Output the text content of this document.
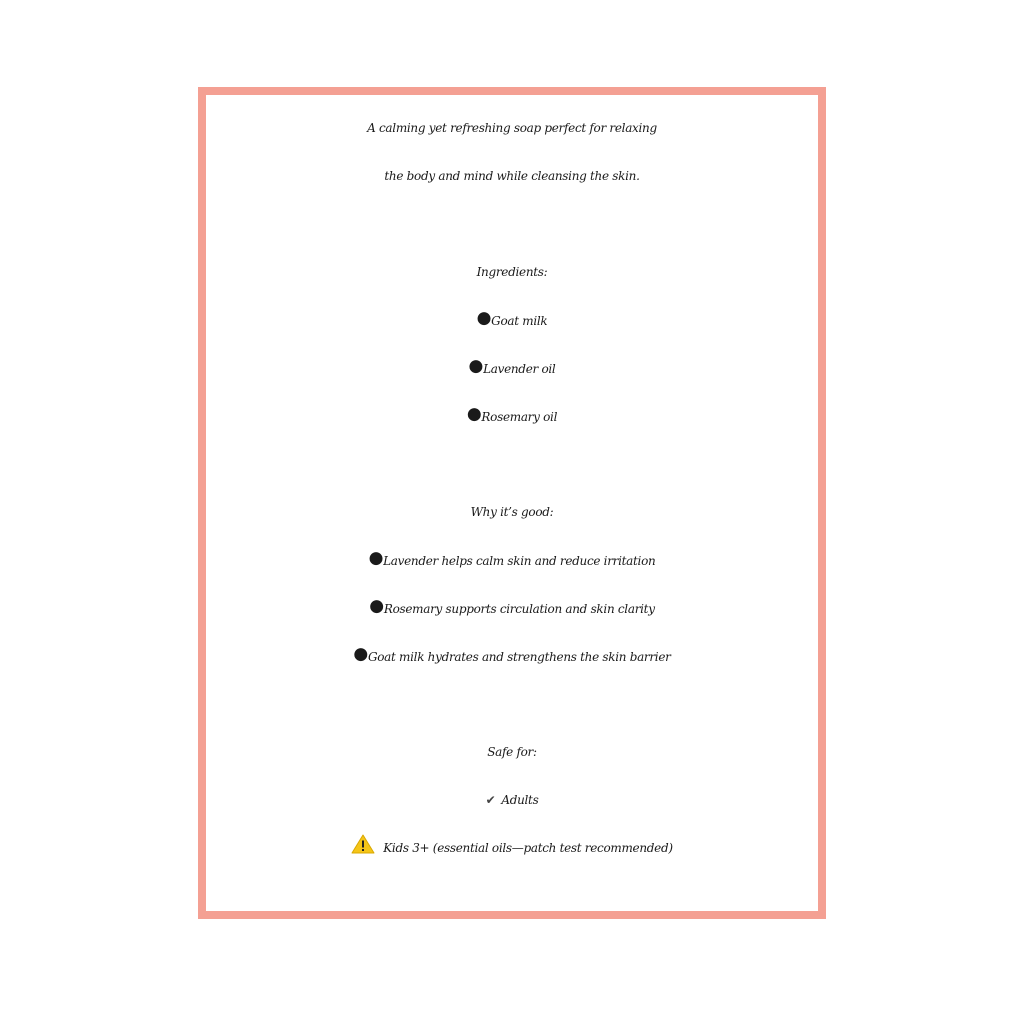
A calming yet refreshing soap perfect for relaxing
the body and mind while cleansing the skin.
Ingredients:
●Goat milk
●Lavender oil
●Rosemary oil
Why it’s good:
●Lavender helps calm skin and reduce irritation
●Rosemary supports circulation and skin clarity
●Goat milk hydrates and strengthens the skin barrier
Safe for:
✔ Adults
Kids 3+ (essential oils—patch test recommended)
